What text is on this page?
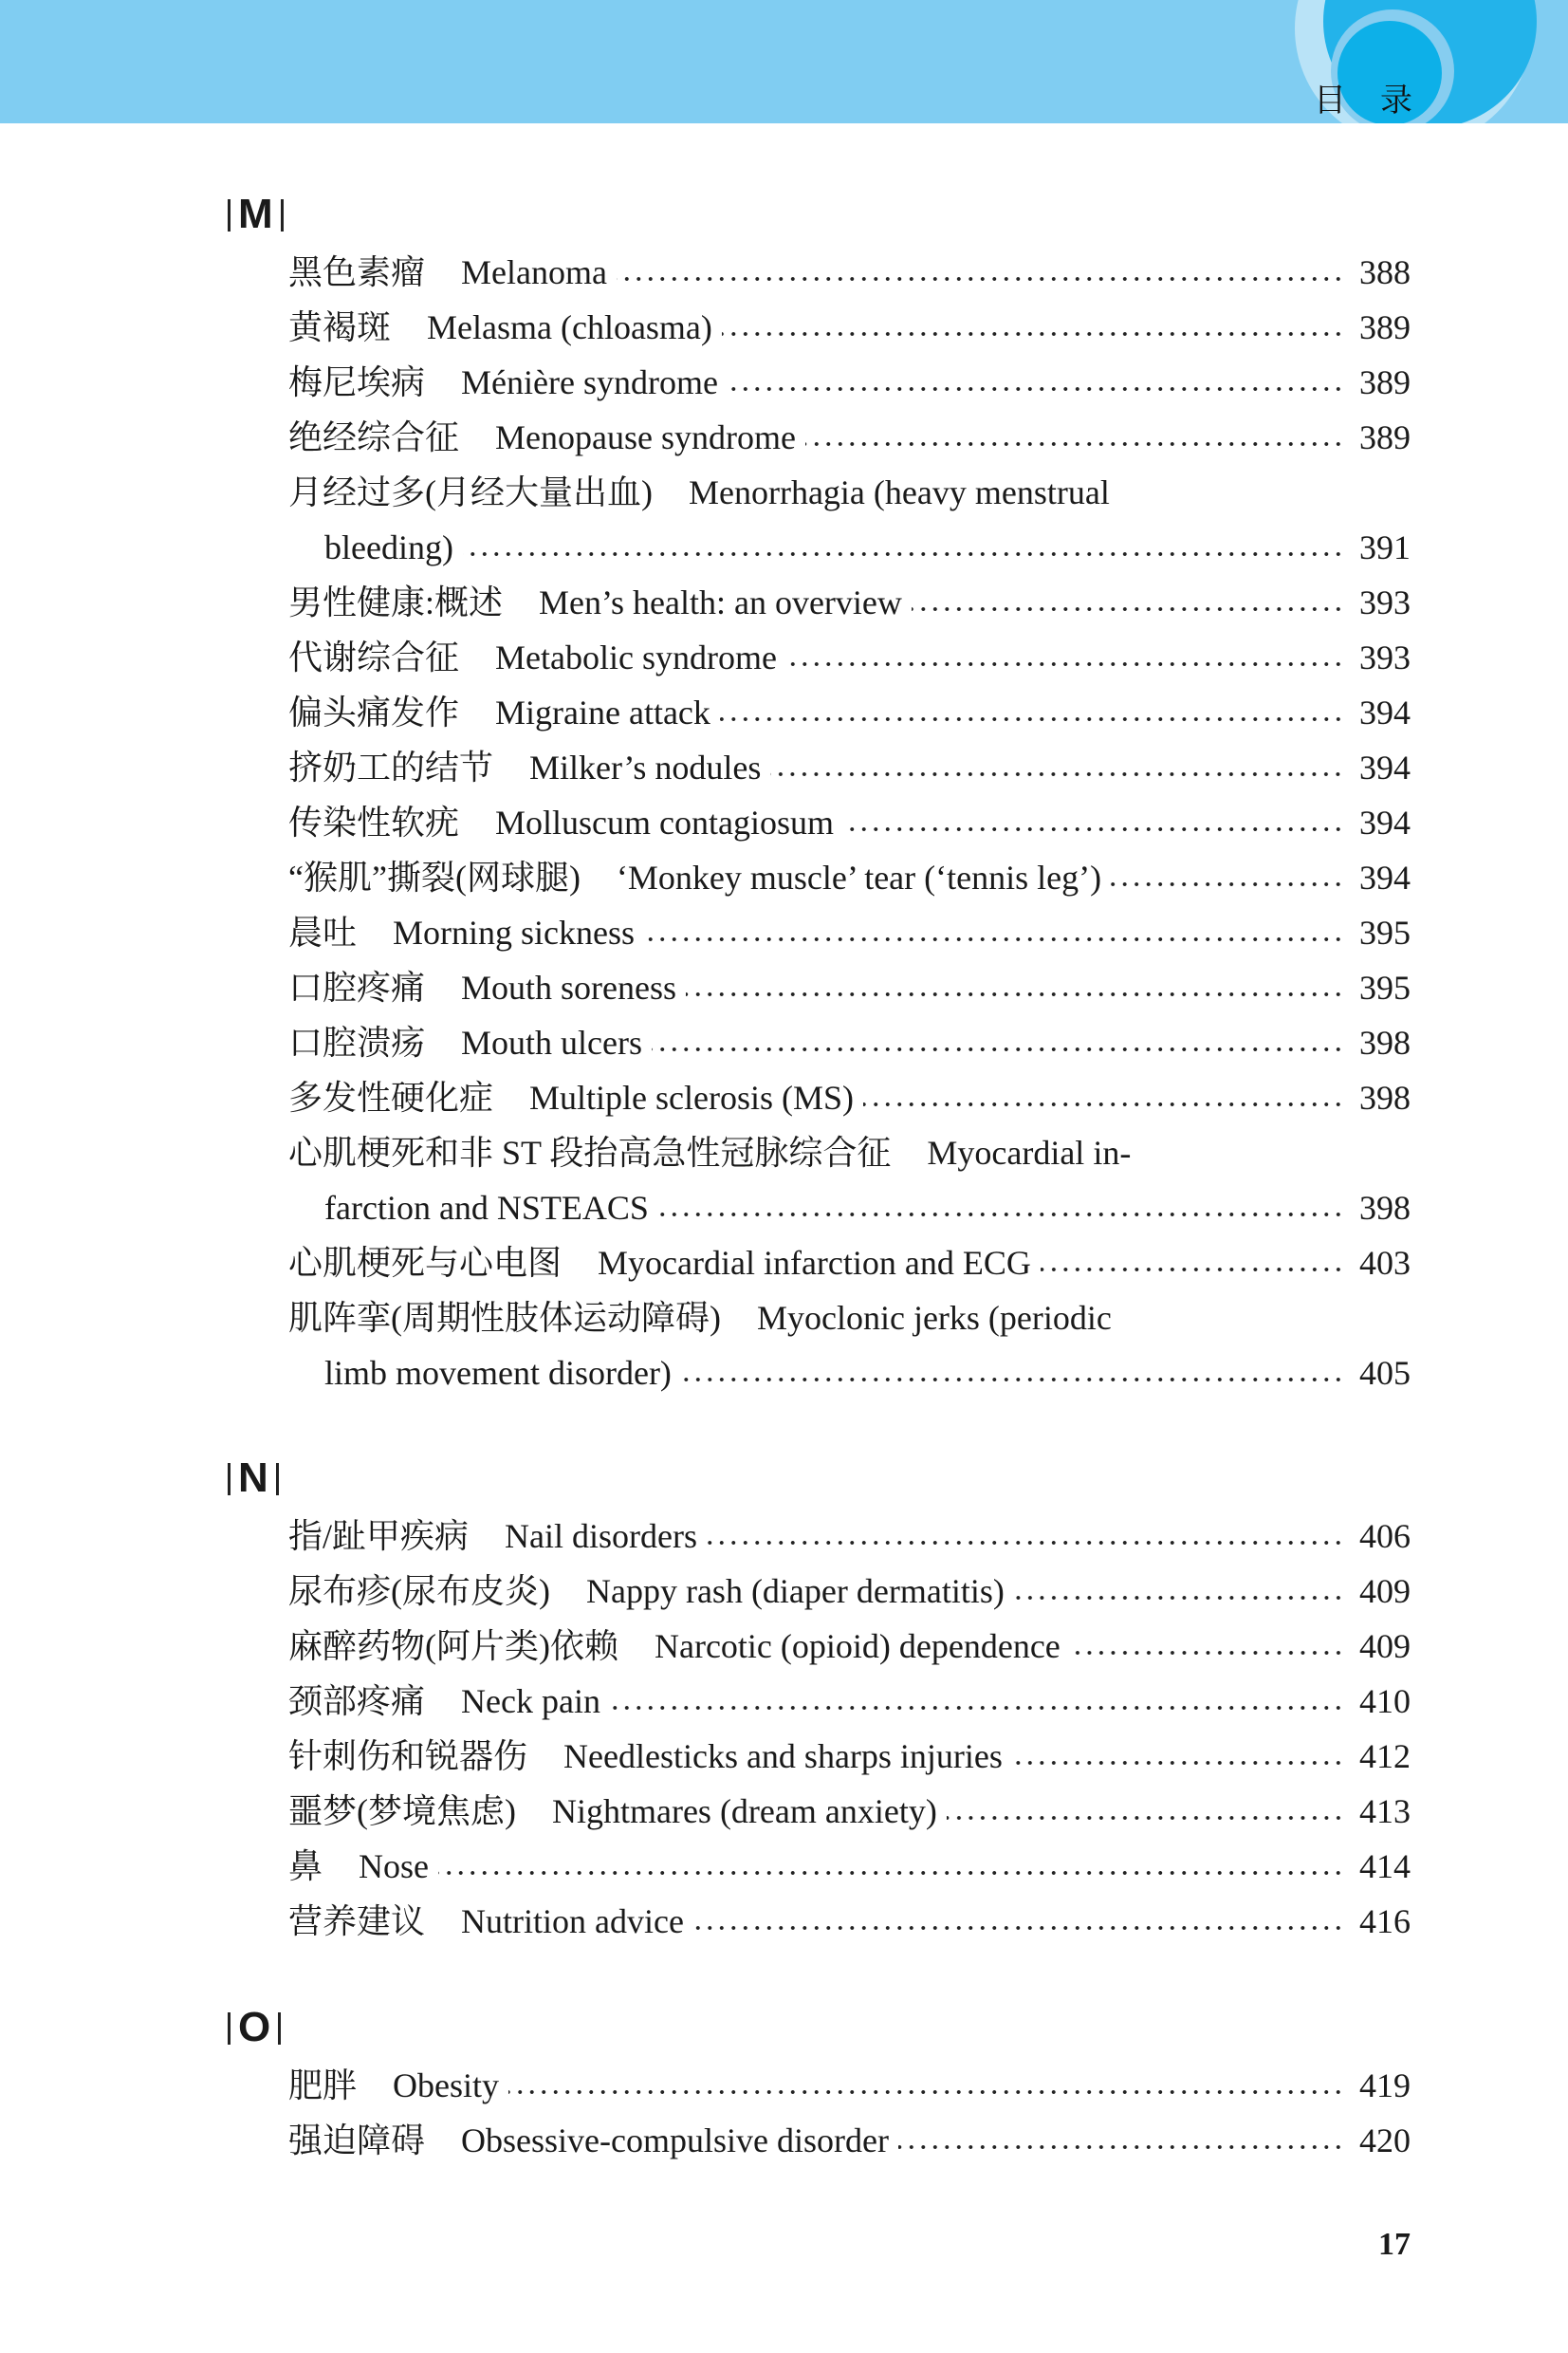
目 录
M
黑色素瘤 Melanoma	388
黄褐斑 Melasma (chloasma)	389
梅尼埃病 Ménière syndrome	389
绝经综合征 Menopause syndrome	389
月经过多(月经大量出血) Menorrhagia (heavy menstrual
bleeding)	391
男性健康:概述 Men’s health: an overview	393
代谢综合征 Metabolic syndrome	393
偏头痛发作 Migraine attack	394
挤奶工的结节 Milker’s nodules	394
传染性软疣 Molluscum contagiosum	394
“猴肌”撕裂(网球腿) ‘Monkey muscle’ tear (‘tennis leg’)	394
晨吐 Morning sickness	395
口腔疼痛 Mouth soreness	395
口腔溃疡 Mouth ulcers	398
多发性硬化症 Multiple sclerosis (MS)	398
心肌梗死和非 ST 段抬高急性冠脉综合征 Myocardial in-
farction and NSTEACS	398
心肌梗死与心电图 Myocardial infarction and ECG	403
肌阵挛(周期性肢体运动障碍) Myoclonic jerks (periodic
limb movement disorder)	405
N
指/趾甲疾病 Nail disorders	406
尿布疹(尿布皮炎) Nappy rash (diaper dermatitis)	409
麻醉药物(阿片类)依赖 Narcotic (opioid) dependence	409
颈部疼痛 Neck pain	410
针刺伤和锐器伤 Needlesticks and sharps injuries	412
噩梦(梦境焦虑) Nightmares (dream anxiety)	413
鼻 Nose	414
营养建议 Nutrition advice	416
O
肥胖 Obesity	419
强迫障碍 Obsessive-compulsive disorder	420
17
